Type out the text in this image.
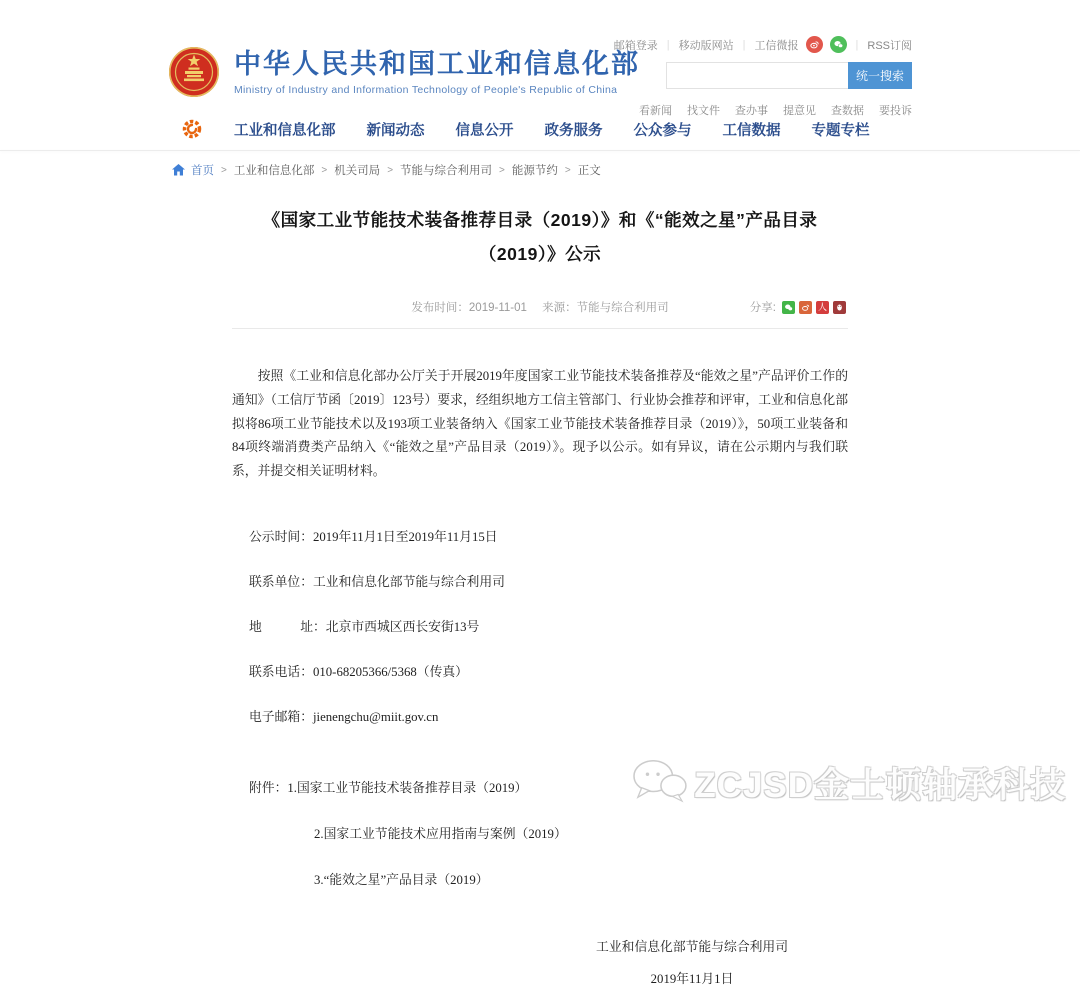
中华人民共和国工业和信息化部
Ministry of Industry and Information Technology of People's Republic of China
邮箱登录 | 移动版网站 | 工信微报	| RSS订阅
统一搜索
看新闻 找文件 查办事 提意见 查数据 要投诉
工业和信息化部 新闻动态 信息公开 政务服务 公众参与 工信数据 专题专栏
首页 > 工业和信息化部 > 机关司局 > 节能与综合利用司 > 能源节约 > 正文
《国家工业节能技术装备推荐目录（2019）》和《“能效之星”产品目录（2019）》公示
发布时间：2019-11-01 来源：节能与综合利用司	分享:	人

按照《工业和信息化部办公厅关于开展2019年度国家工业节能技术装备推荐及“能效之星”产品评价工作的通知》（工信厅节函〔2019〕123号）要求，经组织地方工信主管部门、行业协会推荐和评审，工业和信息化部拟将86项工业节能技术以及193项工业装备纳入《国家工业节能技术装备推荐目录（2019）》，50项工业装备和84项终端消费类产品纳入《“能效之星”产品目录（2019）》。现予以公示。如有异议，请在公示期内与我们联系，并提交相关证明材料。

公示时间：2019年11月1日至2019年11月15日
联系单位：工业和信息化部节能与综合利用司
地　　　址：北京市西城区西长安街13号
联系电话：010-68205366/5368（传真）
电子邮箱：jienengchu@miit.gov.cn
附件：1.国家工业节能技术装备推荐目录（2019）
2.国家工业节能技术应用指南与案例（2019）
3.“能效之星”产品目录（2019）
工业和信息化部节能与综合利用司
2019年11月1日
ZCJSD金士顿轴承科技
